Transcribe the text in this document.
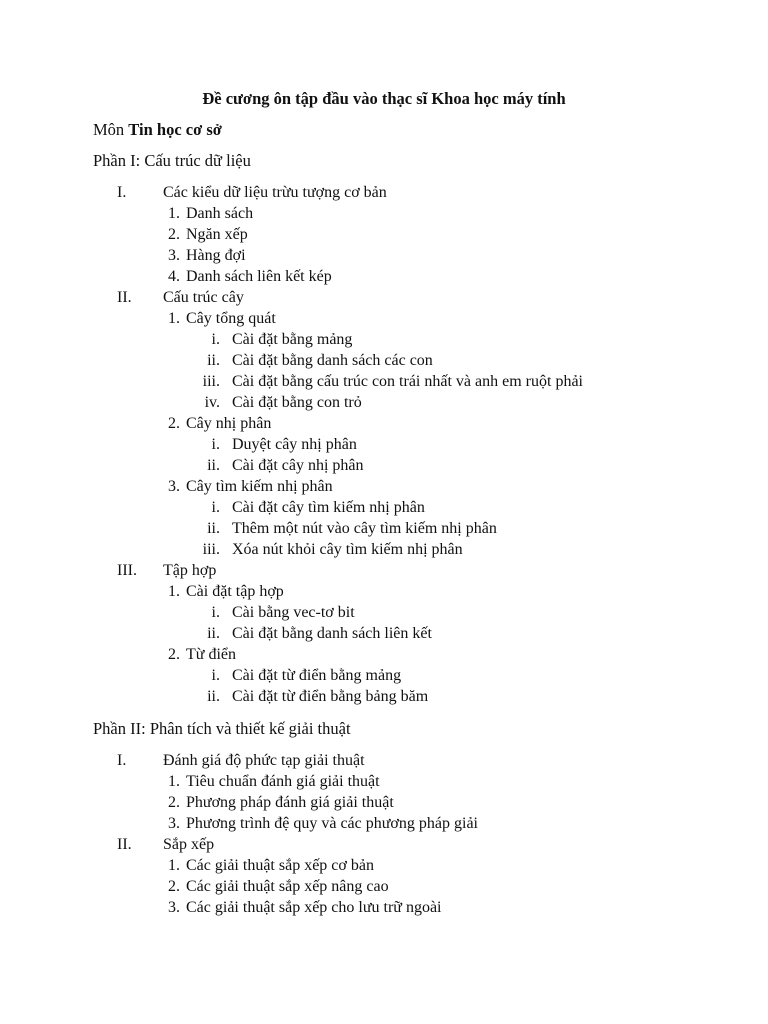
Đề cương ôn tập đầu vào thạc sĩ Khoa học máy tính
Môn Tin học cơ sở
Phần I: Cấu trúc dữ liệu
I.	Các kiểu dữ liệu trừu tượng cơ bản
1. Danh sách
2. Ngăn xếp
3. Hàng đợi
4. Danh sách liên kết kép
II.	Cấu trúc cây
1. Cây tổng quát
i. Cài đặt bằng mảng
ii. Cài đặt bằng danh sách các con
iii. Cài đặt bằng cấu trúc con trái nhất và anh em ruột phải
iv. Cài đặt bằng con trỏ
2. Cây nhị phân
i. Duyệt cây nhị phân
ii. Cài đặt cây nhị phân
3. Cây tìm kiếm nhị phân
i. Cài đặt cây tìm kiếm nhị phân
ii. Thêm một nút vào cây tìm kiếm nhị phân
iii. Xóa nút khỏi cây tìm kiếm nhị phân
III.	Tập hợp
1. Cài đặt tập hợp
i. Cài bằng vec-tơ bit
ii. Cài đặt bằng danh sách liên kết
2. Từ điển
i. Cài đặt từ điển bằng mảng
ii. Cài đặt từ điển bằng bảng băm
Phần II: Phân tích và thiết kế giải thuật
I.	Đánh giá độ phức tạp giải thuật
1. Tiêu chuẩn đánh giá giải thuật
2. Phương pháp đánh giá giải thuật
3. Phương trình đệ quy và các phương pháp giải
II.	Sắp xếp
1. Các giải thuật sắp xếp cơ bản
2. Các giải thuật sắp xếp nâng cao
3. Các giải thuật sắp xếp cho lưu trữ ngoài
